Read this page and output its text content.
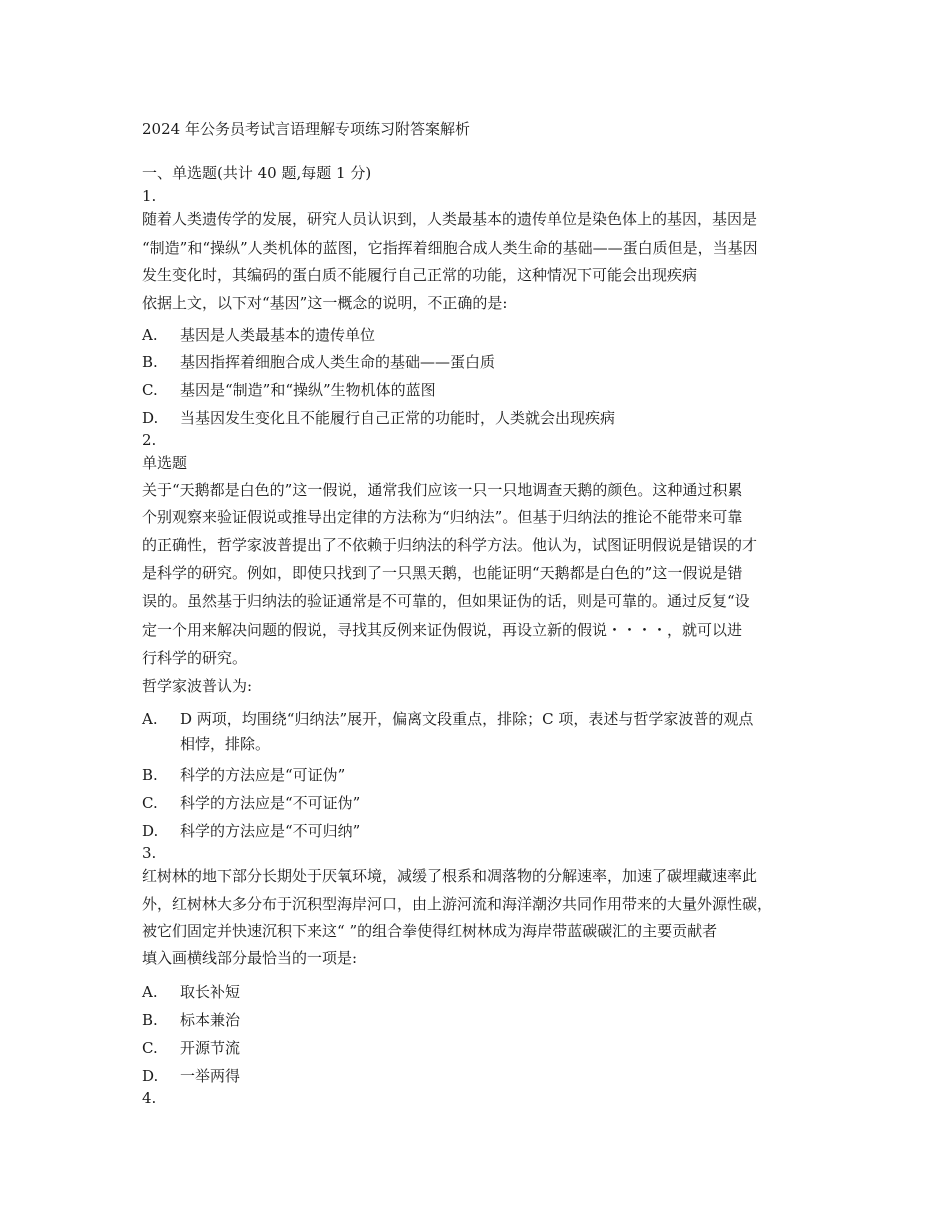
2024 年公务员考试言语理解专项练习附答案解析
一、单选题(共计 40 题,每题 1 分)
1.
随着人类遗传学的发展，研究人员认识到，人类最基本的遗传单位是染色体上的基因，基因是
“制造”和“操纵”人类机体的蓝图，它指挥着细胞合成人类生命的基础——蛋白质但是，当基因
发生变化时，其编码的蛋白质不能履行自己正常的功能，这种情况下可能会出现疾病
依据上文，以下对“基因”这一概念的说明，不正确的是:
A. 基因是人类最基本的遗传单位
B. 基因指挥着细胞合成人类生命的基础——蛋白质
C. 基因是“制造”和“操纵”生物机体的蓝图
D. 当基因发生变化且不能履行自己正常的功能时，人类就会出现疾病
2.
单选题
关于“天鹅都是白色的”这一假说，通常我们应该一只一只地调查天鹅的颜色。这种通过积累
个别观察来验证假说或推导出定律的方法称为“归纳法”。但基于归纳法的推论不能带来可靠
的正确性，哲学家波普提出了不依赖于归纳法的科学方法。他认为，试图证明假说是错误的才
是科学的研究。例如，即使只找到了一只黑天鹅，也能证明“天鹅都是白色的”这一假说是错
误的。虽然基于归纳法的验证通常是不可靠的，但如果证伪的话，则是可靠的。通过反复“设
定一个用来解决问题的假说，寻找其反例来证伪假说，再设立新的假说・・・・，就可以进
行科学的研究。
哲学家波普认为:
A. D 两项，均围绕“归纳法”展开，偏离文段重点，排除；C 项，表述与哲学家波普的观点
相悖，排除。
B. 科学的方法应是“可证伪”
C. 科学的方法应是“不可证伪”
D. 科学的方法应是“不可归纳”
3.
红树林的地下部分长期处于厌氧环境，减缓了根系和凋落物的分解速率，加速了碳埋藏速率此
外，红树林大多分布于沉积型海岸河口，由上游河流和海洋潮汐共同作用带来的大量外源性碳，
被它们固定并快速沉积下来这“ ”的组合拳使得红树林成为海岸带蓝碳碳汇的主要贡献者
填入画横线部分最恰当的一项是:
A. 取长补短
B. 标本兼治
C. 开源节流
D. 一举两得
4.
